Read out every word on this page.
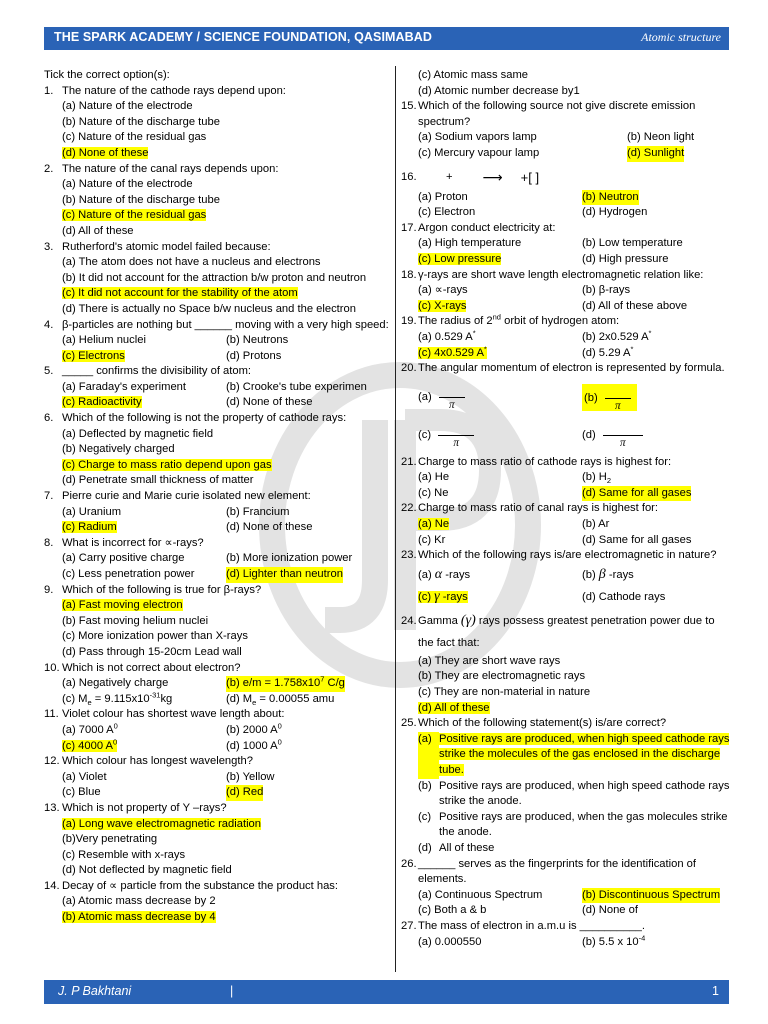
THE SPARK ACADEMY / SCIENCE FOUNDATION, QASIMABAD	Atomic structure
Tick the correct option(s):
1. The nature of the cathode rays depend upon:
(a) Nature of the electrode
(b) Nature of the discharge tube
(c) Nature of the residual gas
(d) None of these
2. The nature of the canal rays depends upon:
(a) Nature of the electrode
(b) Nature of the discharge tube
(c) Nature of the residual gas
(d) All of these
3. Rutherford's atomic model failed because:
(a) The atom does not have a nucleus and electrons
(b) It did not account for the attraction b/w proton and neutron
(c) It did not account for the stability of the atom
(d) There is actually no Space b/w nucleus and the electron
4. β-particles are nothing but ______ moving with a very high speed:
(a) Helium nuclei	(b) Neutrons
(c) Electrons	(d) Protons
5. _____ confirms the divisibility of atom:
(a) Faraday's experiment	(b) Crooke's tube experimen
(c) Radioactivity	(d) None of these
6. Which of the following is not the property of cathode rays:
(a) Deflected by magnetic field
(b) Negatively charged
(c) Charge to mass ratio depend upon gas
(d) Penetrate small thickness of matter
7. Pierre curie and Marie curie isolated new element:
(a) Uranium	(b) Francium
(c) Radium	(d) None of these
8. What is incorrect for ∝-rays?
(a) Carry positive charge	(b) More ionization power
(c) Less penetration power	(d) Lighter than neutron
9. Which of the following is true for β-rays?
(a) Fast moving electron
(b) Fast moving helium nuclei
(c) More ionization power than X-rays
(d) Pass through 15-20cm Lead wall
10. Which is not correct about electron?
(a) Negatively charge	(b) $e/m = 1.758x10^7$ C/g
(c) $M_e = 9.115x10^{-31}kg$	(d) $M_e = 0.00055$ amu
11. Violet colour has shortest wave length about:
(a) 7000 $A^0$	(b) 2000 $A^0$
(c) 4000 $A^0$	(d) 1000 $A^0$
12. Which colour has longest wavelength?
(a) Violet	(b) Yellow
(c) Blue	(d) Red
13. Which is not property of Υ –rays?
(a) Long wave electromagnetic radiation
(b)Very penetrating
(c) Resemble with x-rays
(d) Not deflected by magnetic field
14. Decay of ∝ particle from the substance the product has:
(a) Atomic mass decrease by 2
(b) Atomic mass decrease by 4
(c) Atomic mass same
(d) Atomic number decrease by1
15. Which of the following source not give discrete emission spectrum?
(a) Sodium vapors lamp	(b) Neon light
(c) Mercury vapour lamp	(d) Sunlight
16.	+ ⟶ +[ ]
(a) Proton	(b) Neutron
(c) Electron	(d) Hydrogen
17. Argon conduct electricity at:
(a) High temperature	(b) Low temperature
(c) Low pressure	(d) High pressure
18. γ-rays are short wave length electromagnetic relation like:
(a) ∝-rays	(b) β-rays
(c) X-rays	(d) All of these above
19. The radius of 2nd orbit of hydrogen atom:
(a) 0.529 A*	(b) 2x0.529 A*
(c) 4x0.529 A*	(d) 5.29 A*
20. The angular momentum of electron is represented by formula.
(a) π
(b) π
(c) π
(d) π
21. Charge to mass ratio of cathode rays is highest for:
(a) He	(b) $H_2$
(c) Ne	(d) Same for all gases
22. Charge to mass ratio of canal rays is highest for:
(a) Ne	(b) Ar
(c) Kr	(d) Same for all gases
23. Which of the following rays is/are electromagnetic in nature?
(a) α -rays	(b) β -rays
(c) γ -rays	(d) Cathode rays
24. Gamma (γ) rays possess greatest penetration power due to the fact that:
(a) They are short wave rays
(b) They are electromagnetic rays
(c) They are non-material in nature
(d) All of these
25. Which of the following statement(s) is/are correct?
(a) Positive rays are produced, when high speed cathode rays strike the molecules of the gas enclosed in the discharge tube.
(b) Positive rays are produced, when high speed cathode rays strike the anode.
(c) Positive rays are produced, when the gas molecules strike the anode.
(d) All of these
26. ______ serves as the fingerprints for the identification of elements.
(a) Continuous Spectrum	(b) Discontinuous Spectrum
(c) Both a & b	(d) None of
27. The mass of electron in a.m.u is __________.
(a) 0.000550	(b) 5.5 x $10^{-4}$
J. P Bakhtani	|	1
